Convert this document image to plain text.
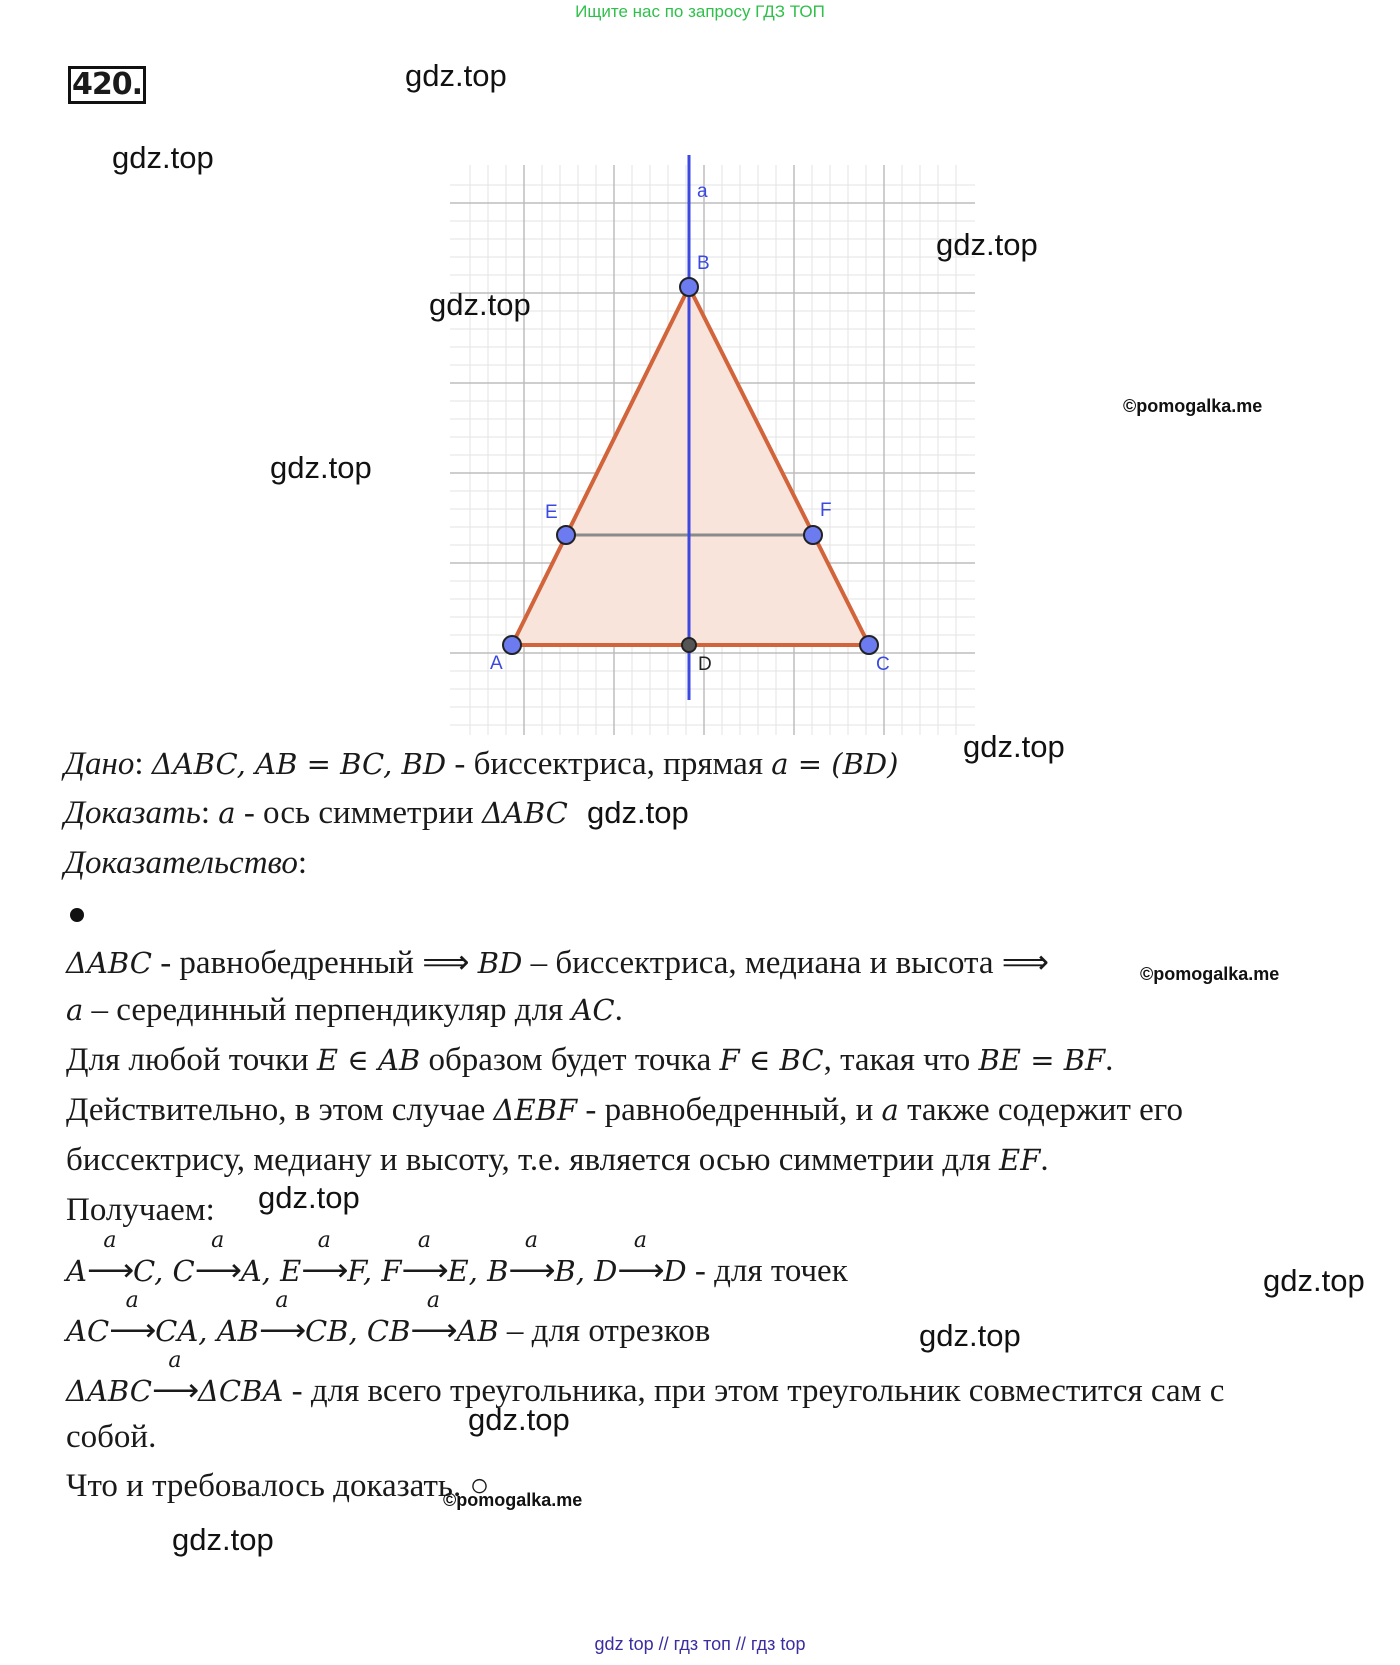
Ищите нас по запросу ГДЗ ТОП
420.
a
B
E	F
A	D	C
gdz.top
gdz.top
gdz.top
gdz.top
©pomogalka.me
gdz.top
gdz.top
gdz.top
©pomogalka.me
gdz.top
gdz.top
gdz.top
gdz.top
©pomogalka.me
gdz.top
Дано: ΔABC, AB = BC, BD - биссектриса, прямая a = (BD)
Доказать: a - ось симметрии ΔABC
Доказательство:
ΔABC - равнобедренный ⟹ BD – биссектриса, медиана и высота ⟹
a – серединный перпендикуляр для AC.
Для любой точки E ∈ AB образом будет точка F ∈ BC, такая что BE = BF.
Действительно, в этом случае ΔEBF - равнобедренный, и a также содержит его
биссектрису, медиану и высоту, т.е. является осью симметрии для EF.
Получаем:
A
a
⟶C, C
a
⟶A, E
a
⟶F, F
a
⟶E, B
a
⟶B, D
a
⟶D - для точек
AC
a
⟶CA, AB
a
⟶CB, CB
a
⟶AB – для отрезков
ΔABC
a
⟶ΔCBA - для всего треугольника, при этом треугольник совместится сам с
собой.
Что и требовалось доказать. ○
gdz top // гдз топ // гдз top
